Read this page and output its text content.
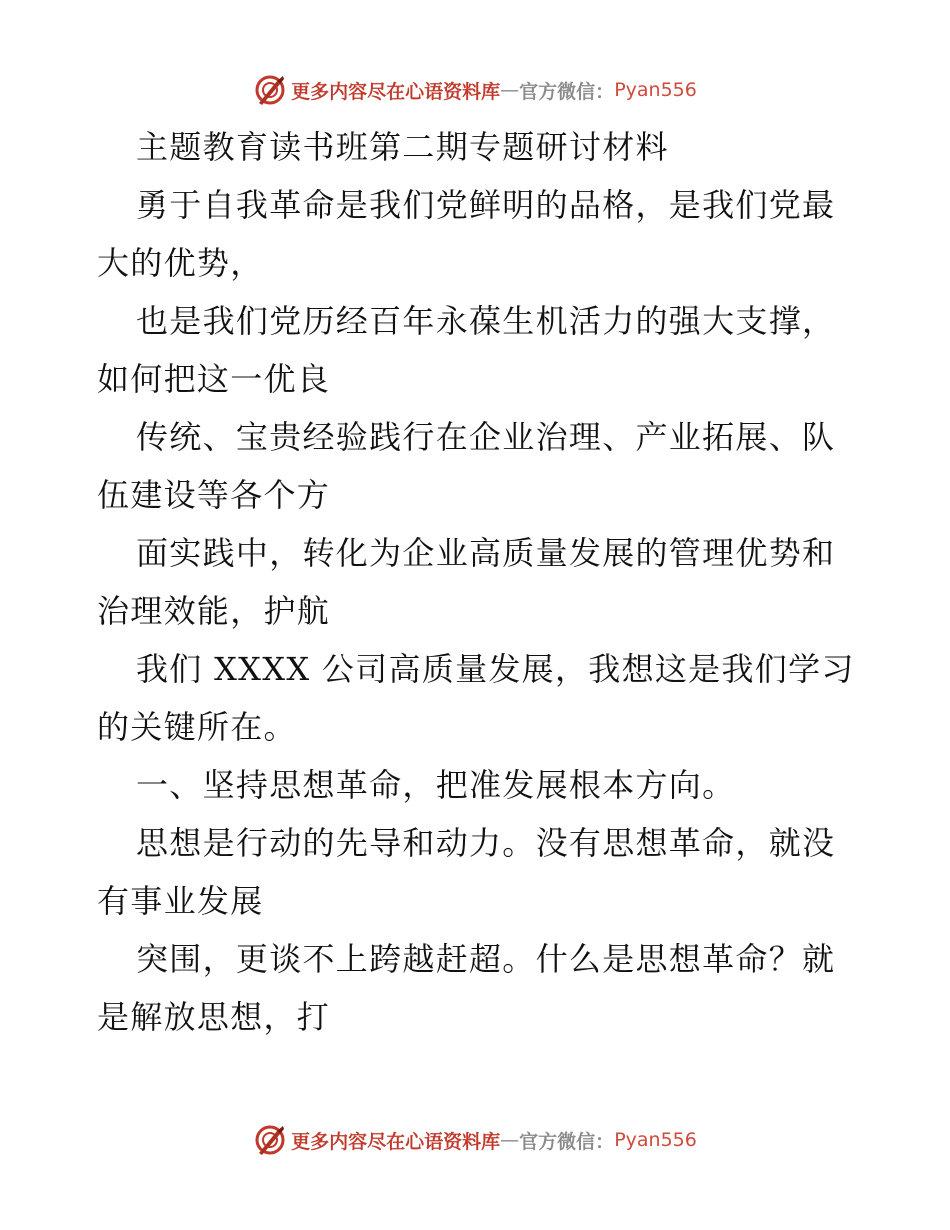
更多内容尽在心语资料库 — 官方微信： Pyan556
主题教育读书班第二期专题研讨材料
勇于自我革命是我们党鲜明的品格，是我们党最
大的优势，
也是我们党历经百年永葆生机活力的强大支撑，
如何把这一优良
传统、宝贵经验践行在企业治理、产业拓展、队
伍建设等各个方
面实践中，转化为企业高质量发展的管理优势和
治理效能，护航
我们 XXXX 公司高质量发展，我想这是我们学习
的关键所在。
一、坚持思想革命，把准发展根本方向。
思想是行动的先导和动力。没有思想革命，就没
有事业发展
突围，更谈不上跨越赶超。什么是思想革命？就
是解放思想，打
更多内容尽在心语资料库 — 官方微信： Pyan556
